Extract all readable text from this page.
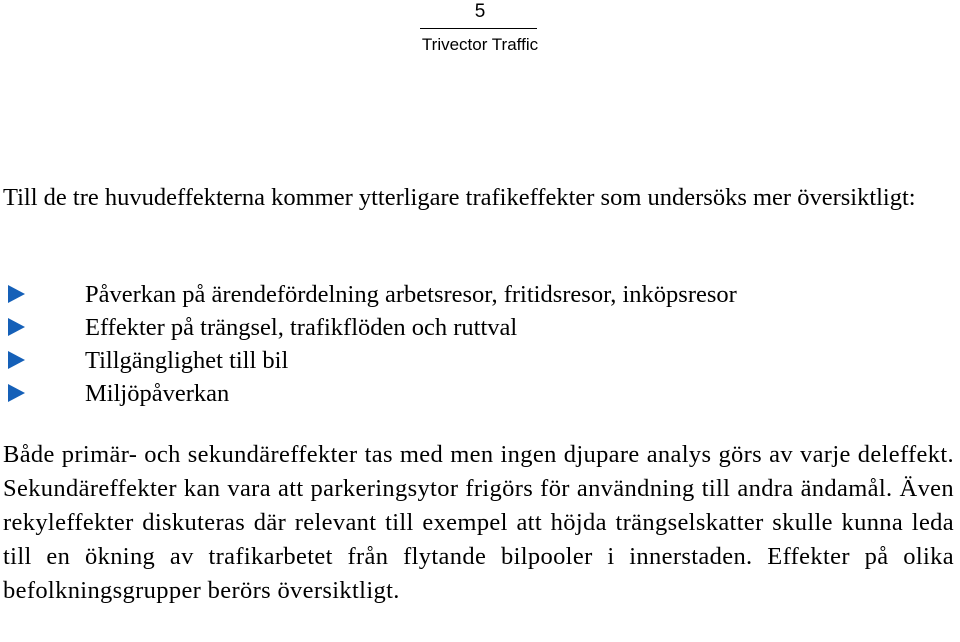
5
Trivector Traffic

Till de tre huvudeffekterna kommer ytterligare trafikeffekter som undersöks mer översiktligt:

Påverkan på ärendefördelning arbetsresor, fritidsresor, inköpsresor
Effekter på trängsel, trafikflöden och ruttval
Tillgänglighet till bil
Miljöpåverkan

Både primär- och sekundäreffekter tas med men ingen djupare analys görs av varje deleffekt. Sekundäreffekter kan vara att parkeringsytor frigörs för användning till andra ändamål. Även rekyleffekter diskuteras där relevant till exempel att höjda trängselskatter skulle kunna leda till en ökning av trafikarbetet från flytande bilpooler i innerstaden. Effekter på olika befolkningsgrupper berörs översiktligt.
